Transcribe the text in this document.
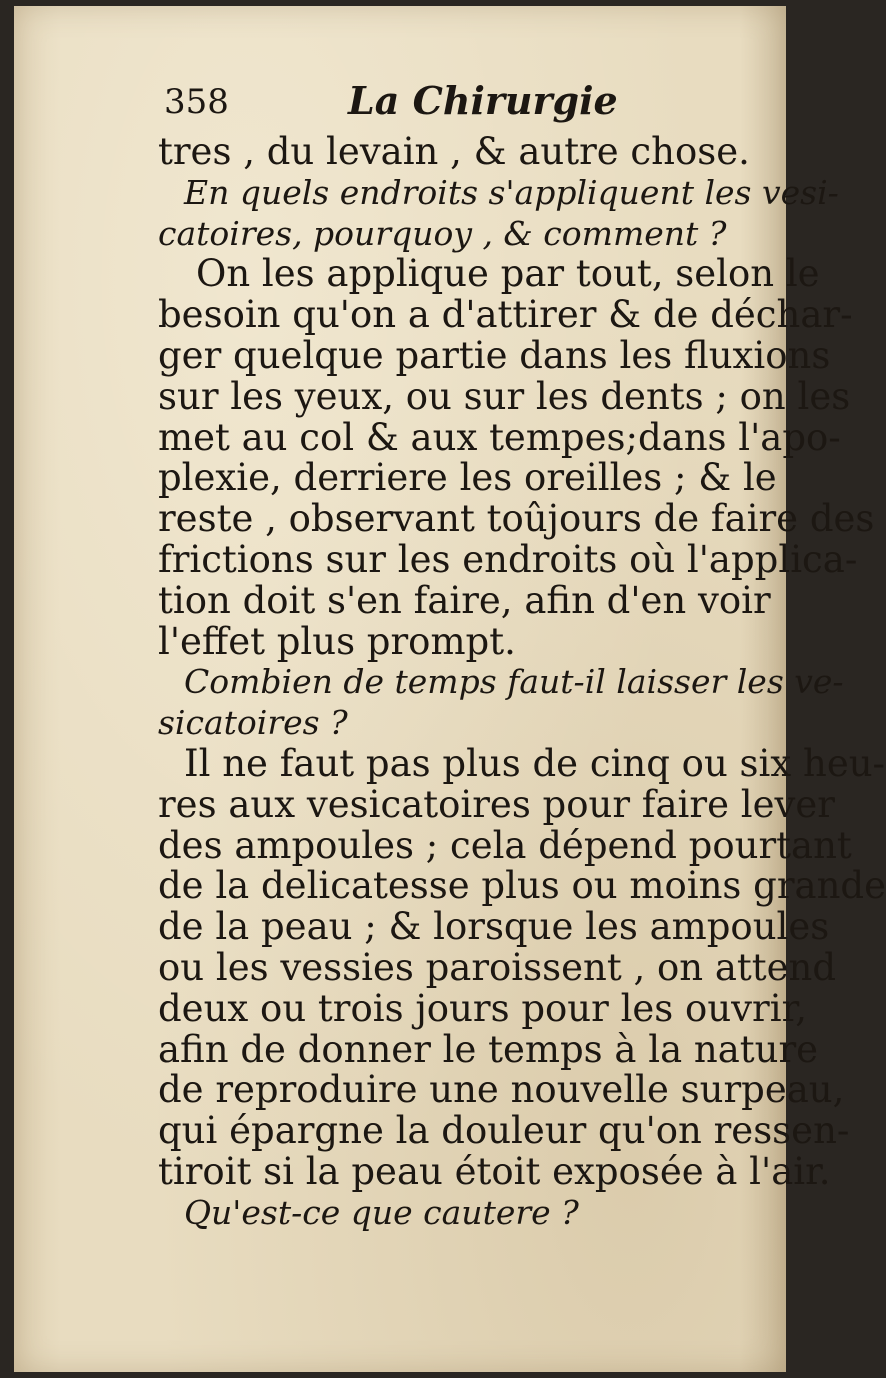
358	La Chirurgie
tres , du levain , & autre chose.
En quels endroits s'appliquent les vesi-
catoires, pourquoy , & comment ?
On les applique par tout, selon le
besoin qu'on a d'attirer & de déchar-
ger quelque partie dans les fluxions
sur les yeux, ou sur les dents ; on les
met au col & aux tempes;dans l'apo-
plexie, derriere les oreilles ; & le
reste , observant toûjours de faire des
frictions sur les endroits où l'applica-
tion doit s'en faire, afin d'en voir
l'effet plus prompt.
Combien de temps faut-il laisser les ve-
sicatoires ?
Il ne faut pas plus de cinq ou six heu-
res aux vesicatoires pour faire lever
des ampoules ; cela dépend pourtant
de la delicatesse plus ou moins grande
de la peau ; & lorsque les ampoules
ou les vessies paroissent , on attend
deux ou trois jours pour les ouvrir,
afin de donner le temps à la nature
de reproduire une nouvelle surpeau,
qui épargne la douleur qu'on ressen-
tiroit si la peau étoit exposée à l'air.
Qu'est-ce que cautere ?
